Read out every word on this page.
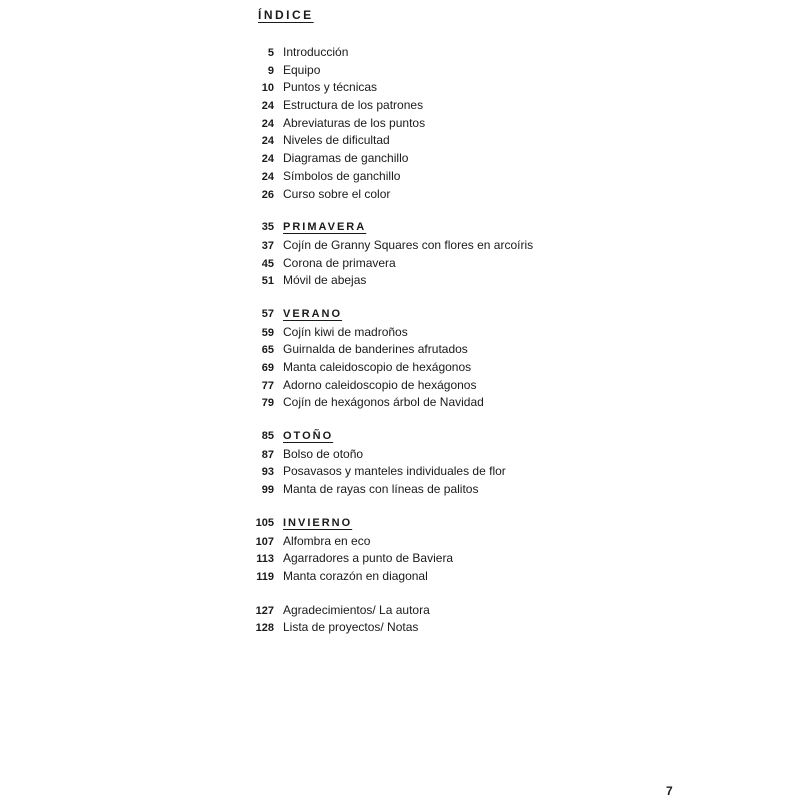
ÍNDICE
5 Introducción
9 Equipo
10 Puntos y técnicas
24 Estructura de los patrones
24 Abreviaturas de los puntos
24 Niveles de dificultad
24 Diagramas de ganchillo
24 Símbolos de ganchillo
26 Curso sobre el color
35 PRIMAVERA
37 Cojín de Granny Squares con flores en arcoíris
45 Corona de primavera
51 Móvil de abejas
57 VERANO
59 Cojín kiwi de madroños
65 Guirnalda de banderines afrutados
69 Manta caleidoscopio de hexágonos
77 Adorno caleidoscopio de hexágonos
79 Cojín de hexágonos árbol de Navidad
85 OTOÑO
87 Bolso de otoño
93 Posavasos y manteles individuales de flor
99 Manta de rayas con líneas de palitos
105 INVIERNO
107 Alfombra en eco
113 Agarradores a punto de Baviera
119 Manta corazón en diagonal
127 Agradecimientos/ La autora
128 Lista de proyectos/ Notas
7
